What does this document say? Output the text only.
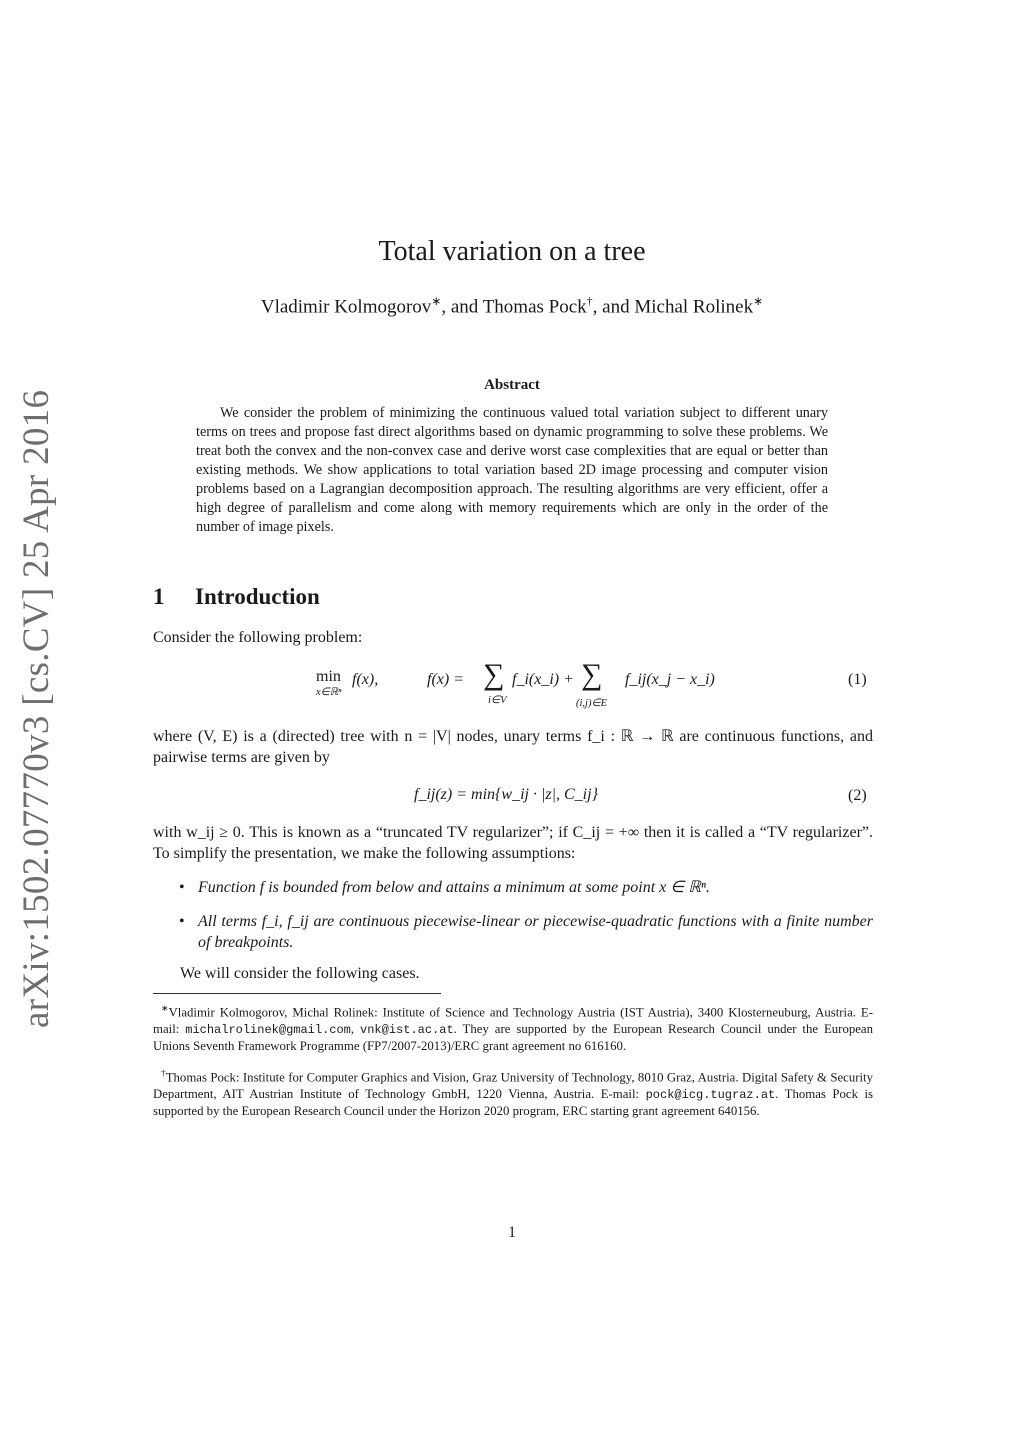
arXiv:1502.07770v3 [cs.CV] 25 Apr 2016
Total variation on a tree
Vladimir Kolmogorov∗, and Thomas Pock†, and Michal Rolinek∗
Abstract
We consider the problem of minimizing the continuous valued total variation subject to different unary terms on trees and propose fast direct algorithms based on dynamic programming to solve these problems. We treat both the convex and the non-convex case and derive worst case complexities that are equal or better than existing methods. We show applications to total variation based 2D image processing and computer vision problems based on a Lagrangian decomposition approach. The resulting algorithms are very efficient, offer a high degree of parallelism and come along with memory requirements which are only in the order of the number of image pixels.
1 Introduction
Consider the following problem:
min
x∈ℝⁿ
f(x),	f(x) = ∑
i∈V
f_i(x_i) + ∑
(i,j)∈E
f_ij(x_j − x_i)	(1)
where (V, E) is a (directed) tree with n = |V| nodes, unary terms f_i : ℝ → ℝ are continuous functions, and pairwise terms are given by
f_ij(z) = min{w_ij · |z|, C_ij}	(2)
with w_ij ≥ 0. This is known as a “truncated TV regularizer”; if C_ij = +∞ then it is called a “TV regularizer”. To simplify the presentation, we make the following assumptions:
• Function f is bounded from below and attains a minimum at some point x ∈ ℝⁿ.
• All terms f_i, f_ij are continuous piecewise-linear or piecewise-quadratic functions with a finite number of breakpoints.
We will consider the following cases.
∗Vladimir Kolmogorov, Michal Rolinek: Institute of Science and Technology Austria (IST Austria), 3400 Klosterneuburg, Austria. E-mail: michalrolinek@gmail.com, vnk@ist.ac.at. They are supported by the European Research Council under the European Unions Seventh Framework Programme (FP7/2007-2013)/ERC grant agreement no 616160.
†Thomas Pock: Institute for Computer Graphics and Vision, Graz University of Technology, 8010 Graz, Austria. Digital Safety & Security Department, AIT Austrian Institute of Technology GmbH, 1220 Vienna, Austria. E-mail: pock@icg.tugraz.at. Thomas Pock is supported by the European Research Council under the Horizon 2020 program, ERC starting grant agreement 640156.
1
